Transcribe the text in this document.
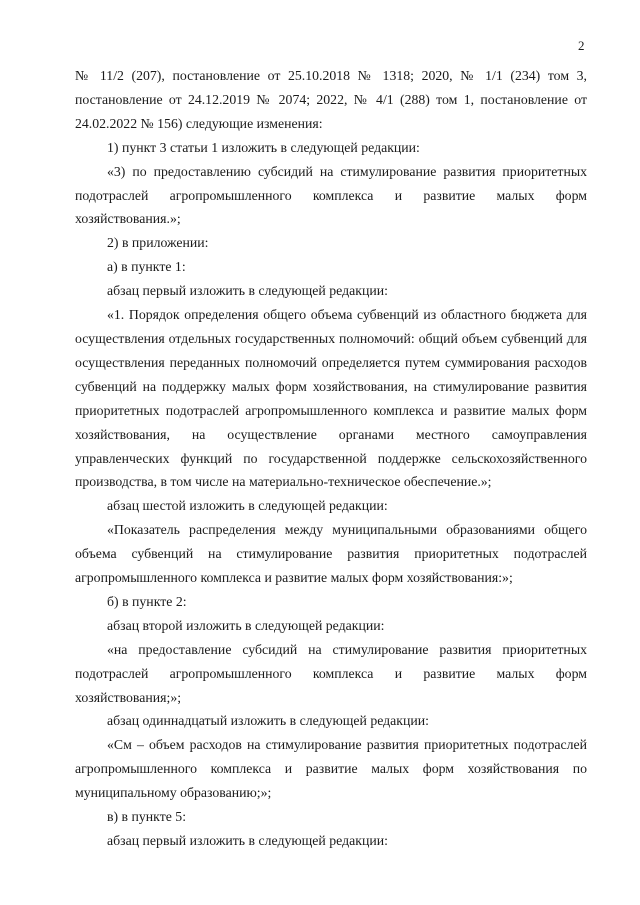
2

№ 11/2 (207), постановление от 25.10.2018 № 1318; 2020, № 1/1 (234) том 3, постановление от 24.12.2019 № 2074; 2022, № 4/1 (288) том 1, постановление от 24.02.2022 № 156) следующие изменения:

1) пункт 3 статьи 1 изложить в следующей редакции:

«3) по предоставлению субсидий на стимулирование развития приоритетных подотраслей агропромышленного комплекса и развитие малых форм хозяйствования.»;

2) в приложении:

а) в пункте 1:

абзац первый изложить в следующей редакции:

«1. Порядок определения общего объема субвенций из областного бюджета для осуществления отдельных государственных полномочий: общий объем субвенций для осуществления переданных полномочий определяется путем суммирования расходов субвенций на поддержку малых форм хозяйствования, на стимулирование развития приоритетных подотраслей агропромышленного комплекса и развитие малых форм хозяйствования, на осуществление органами местного самоуправления управленческих функций по государственной поддержке сельскохозяйственного производства, в том числе на материально-техническое обеспечение.»;

абзац шестой изложить в следующей редакции:

«Показатель распределения между муниципальными образованиями общего объема субвенций на стимулирование развития приоритетных подотраслей агропромышленного комплекса и развитие малых форм хозяйствования:»;

б) в пункте 2:

абзац второй изложить в следующей редакции:

«на предоставление субсидий на стимулирование развития приоритетных подотраслей агропромышленного комплекса и развитие малых форм хозяйствования;»;

абзац одиннадцатый изложить в следующей редакции:

«См – объем расходов на стимулирование развития приоритетных подотраслей агропромышленного комплекса и развитие малых форм хозяйствования по муниципальному образованию;»;

в) в пункте 5:

абзац первый изложить в следующей редакции:
